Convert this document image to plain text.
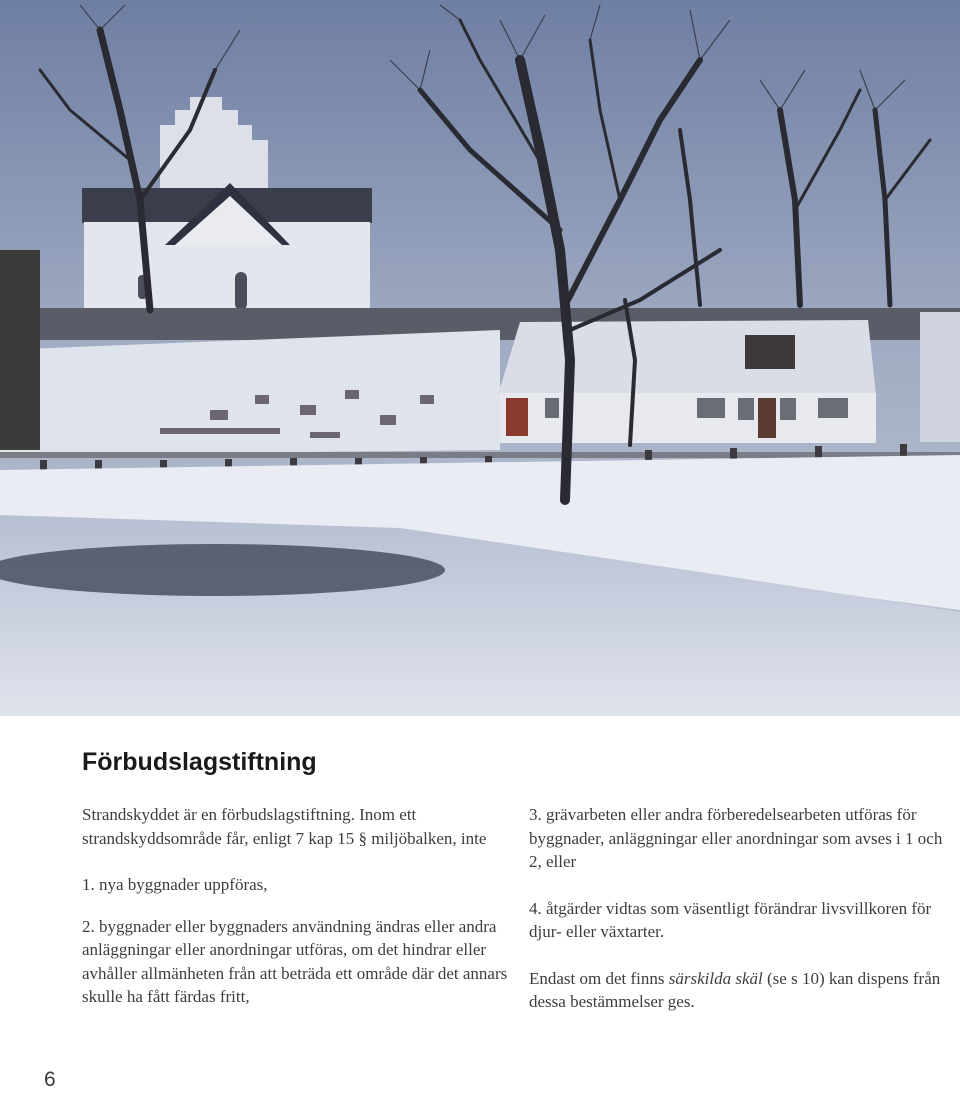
Förbudslagstiftning

Strandskyddet är en förbudslagstiftning. Inom ett strandskyddsområde får, enligt 7 kap 15 § miljöbalken, inte

1. nya byggnader uppföras,

2. byggnader eller byggnaders användning ändras eller andra anläggningar eller anordningar utföras, om det hindrar eller avhåller allmänheten från att beträda ett område där det annars skulle ha fått färdas fritt,

3. grävarbeten eller andra förberedelsearbeten utföras för byggnader, anläggningar eller anordningar som avses i 1 och 2, eller

4. åtgärder vidtas som väsentligt förändrar livsvillkoren för djur- eller växtarter.

Endast om det finns särskilda skäl (se s 10) kan dispens från dessa bestämmelser ges.

6
